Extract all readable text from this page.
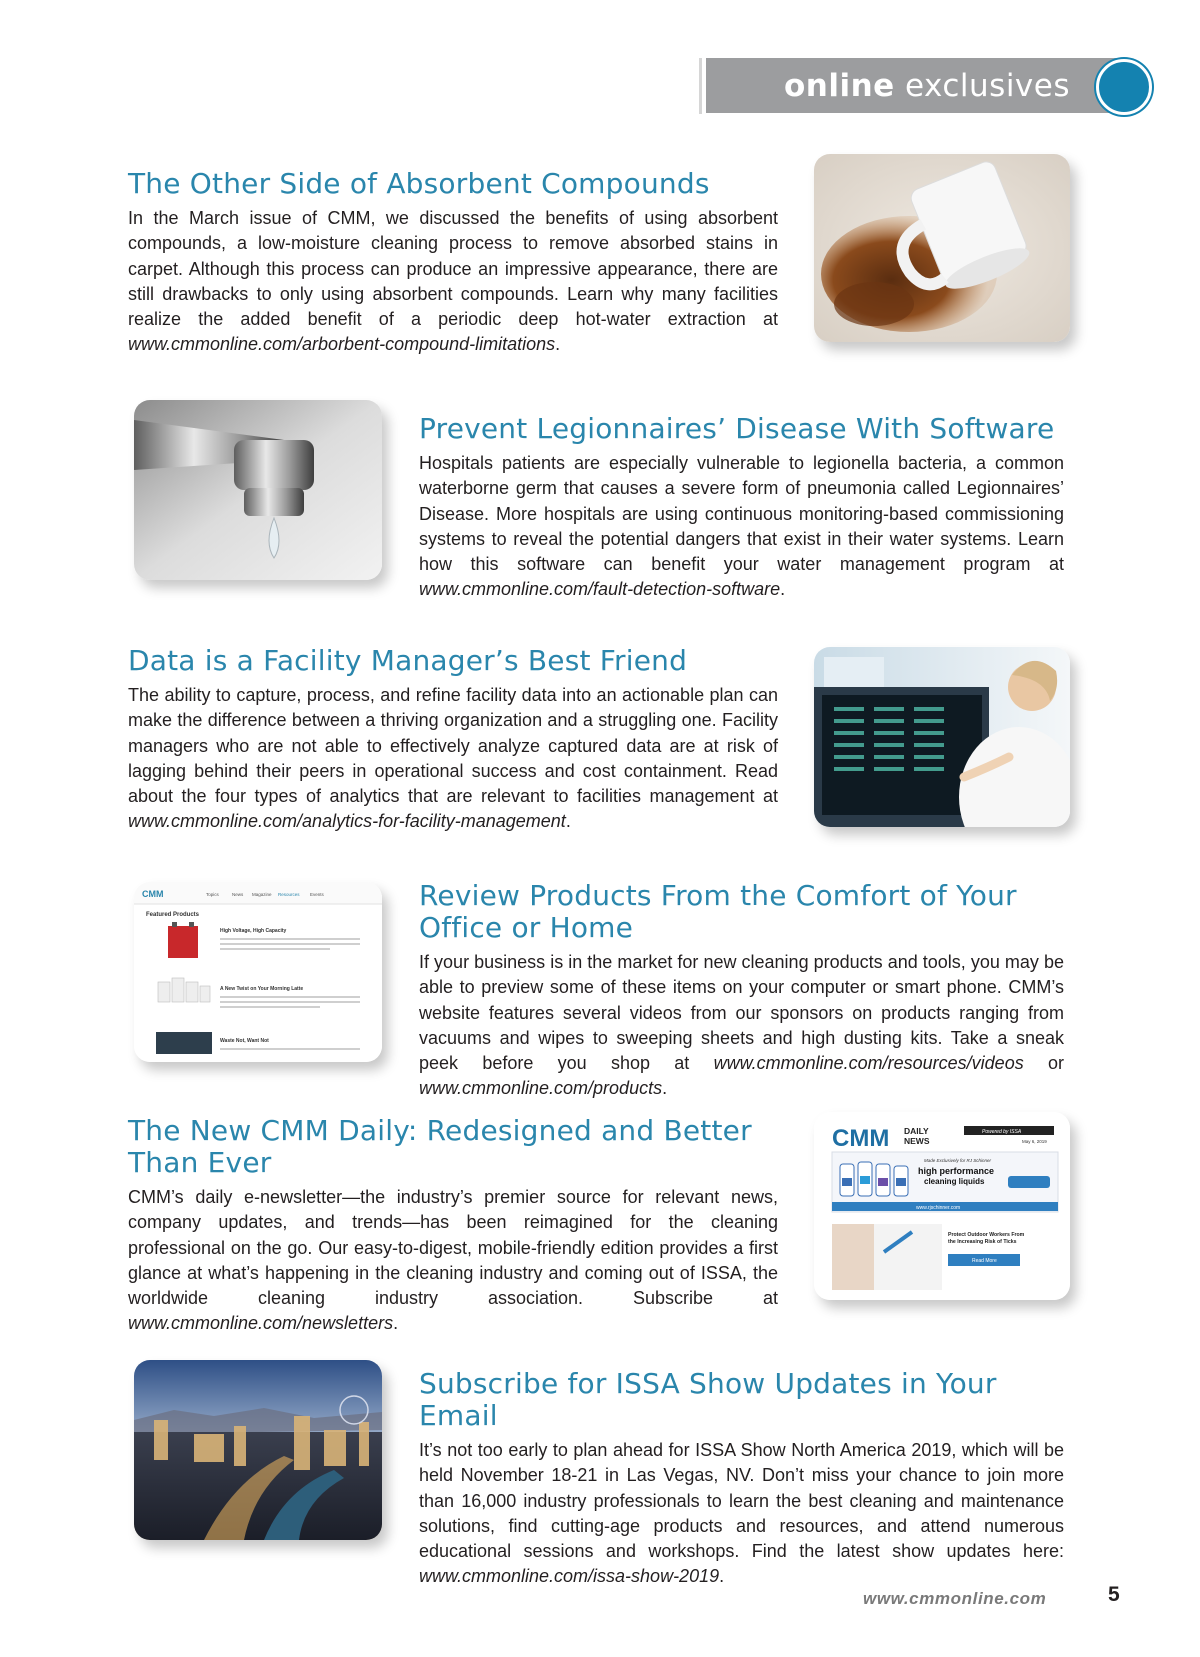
online exclusives
The Other Side of Absorbent Compounds

In the March issue of CMM, we discussed the benefits of using absorbent compounds, a low-moisture cleaning process to remove absorbed stains in carpet. Although this process can produce an impressive appearance, there are still drawbacks to only using absorbent compounds. Learn why many facilities realize the added benefit of a periodic deep hot-water extraction at www.cmmonline.com/arborbent-compound-limitations.

Prevent Legionnaires’ Disease With Software

Hospitals patients are especially vulnerable to legionella bacteria, a common waterborne germ that causes a severe form of pneumonia called Legionnaires’ Disease. More hospitals are using continuous monitoring-based commissioning systems to reveal the potential dangers that exist in their water systems. Learn how this software can benefit your water management program at www.cmmonline.com/fault-detection-software.

Data is a Facility Manager’s Best Friend

The ability to capture, process, and refine facility data into an actionable plan can make the difference between a thriving organization and a struggling one. Facility managers who are not able to effectively analyze captured data are at risk of lagging behind their peers in operational success and cost containment. Read about the four types of analytics that are relevant to facilities management at www.cmmonline.com/analytics-for-facility-management.

CMM	Topics	News Magazine Resources Events
Featured Products
High Voltage, High Capacity
A New Twist on Your Morning Latte
Waste Not, Want Not
Review Products From the Comfort of Your Office or Home

If your business is in the market for new cleaning products and tools, you may be able to preview some of these items on your computer or smart phone. CMM’s website features several videos from our sponsors on products ranging from vacuums and wipes to sweeping sheets and high dusting kits. Take a sneak peek before you shop at www.cmmonline.com/resources/videos or www.cmmonline.com/products.

The New CMM Daily: Redesigned and Better Than Ever

CMM’s daily e-newsletter—the industry’s premier source for relevant news, company updates, and trends—has been reimagined for the cleaning professional on the go. Our easy-to-digest, mobile-friendly edition provides a first glance at what’s happening in the cleaning industry and coming out of ISSA, the worldwide cleaning industry association. Subscribe at www.cmmonline.com/newsletters.

CMM DAILY
NEWS
Powered by ISSA
May 6, 2019
Made Exclusively for RJ Schinner
high performance
cleaning liquids
www.rjschinner.com
Protect Outdoor Workers From the Increasing Risk of Ticks
Read More
Subscribe for ISSA Show Updates in Your Email

It’s not too early to plan ahead for ISSA Show North America 2019, which will be held November 18-21 in Las Vegas, NV. Don’t miss your chance to join more than 16,000 industry professionals to learn the best cleaning and maintenance solutions, find cutting-age products and resources, and attend numerous educational sessions and workshops. Find the latest show updates here: www.cmmonline.com/issa-show-2019.

www.cmmonline.com	5
